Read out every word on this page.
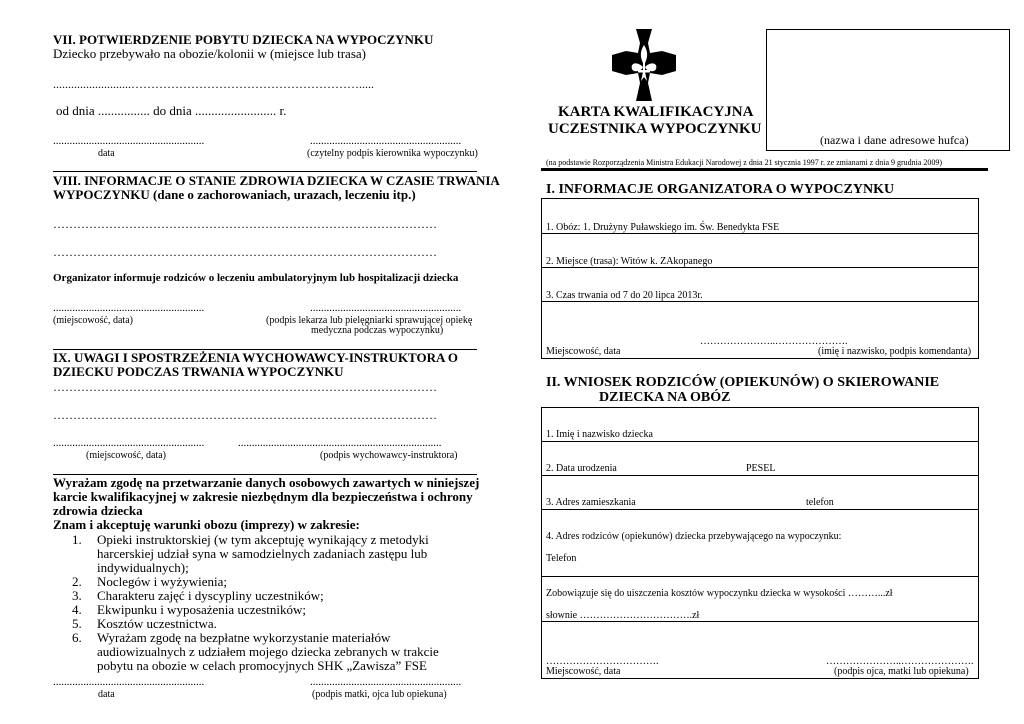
VII. POTWIERDZENIE POBYTU DZIECKA NA WYPOCZYNKU
Dziecko przebywało na obozie/kolonii w (miejsce lub trasa)
..........................………………………………………………….....
od dnia ................ do dnia ......................... r.
.......................................................	.......................................................
data	(czytelny podpis kierownika wypoczynku)
VIII. INFORMACJE O STANIE ZDROWIA DZIECKA W CZASIE TRWANIA
WYPOCZYNKU (dane o zachorowaniach, urazach, leczeniu itp.)
……………………………………………………………………………………
……………………………………………………………………………………
Organizator informuje rodziców o leczeniu ambulatoryjnym lub hospitalizacji dziecka
.......................................................	.......................................................
(miejscowość, data)	(podpis lekarza lub pielęgniarki sprawującej opiekę
medyczna podczas wypoczynku)
IX. UWAGI I SPOSTRZEŻENIA WYCHOWAWCY-INSTRUKTORA O
DZIECKU PODCZAS TRWANIA WYPOCZYNKU
……………………………………………………………………………………
……………………………………………………………………………………
.......................................................	..........................................................................
(miejscowość, data)	(podpis wychowawcy-instruktora)
Wyrażam zgodę na przetwarzanie danych osobowych zawartych w niniejszej
karcie kwalifikacyjnej w zakresie niezbędnym dla bezpieczeństwa i ochrony
zdrowia dziecka
Znam i akceptuję warunki obozu (imprezy) w zakresie:
1. Opieki instruktorskiej (w tym akceptuję wynikający z metodyki harcerskiej udział syna w samodzielnych zadaniach zastępu lub indywidualnych);
2. Noclegów i wyżywienia;
3. Charakteru zajęć i dyscypliny uczestników;
4. Ekwipunku i wyposażenia uczestników;
5. Kosztów uczestnictwa.
6. Wyrażam zgodę na bezpłatne wykorzystanie materiałów audiowizualnych z udziałem mojego dziecka zebranych w trakcie pobytu na obozie w celach promocyjnych SHK „Zawisza” FSE
.......................................................	.......................................................
data	(podpis matki, ojca lub opiekuna)
KARTA KWALIFIKACYJNA
UCZESTNIKA WYPOCZYNKU
(nazwa i dane adresowe hufca)
(na podstawie Rozporządzenia Ministra Edukacji Narodowej z dnia 21 stycznia 1997 r. ze zmianami z dnia 9 grudnia 2009)
I. INFORMACJE ORGANIZATORA O WYPOCZYNKU
1. Obóz: 1. Drużyny Puławskiego im. Św. Benedykta FSE
2. Miejsce (trasa): Witów k. ZAkopanego
3. Czas trwania od 7 do 20 lipca 2013r.
…………………..………………….
Miejscowość, data	(imię i nazwisko, podpis komendanta)
II. WNIOSEK RODZICÓW (OPIEKUNÓW) O SKIEROWANIE
DZIECKA NA OBÓZ
1. Imię i nazwisko dziecka
2. Data urodzenia	PESEL
3. Adres zamieszkania	telefon
4. Adres rodziców (opiekunów) dziecka przebywającego na wypoczynku:
Telefon
Zobowiązuje się do uiszczenia kosztów wypoczynku dziecka w wysokości ………...zł
słownie …………………………….zł
…………………………….	…………………..………………….
Miejscowość, data	(podpis ojca, matki lub opiekuna)
